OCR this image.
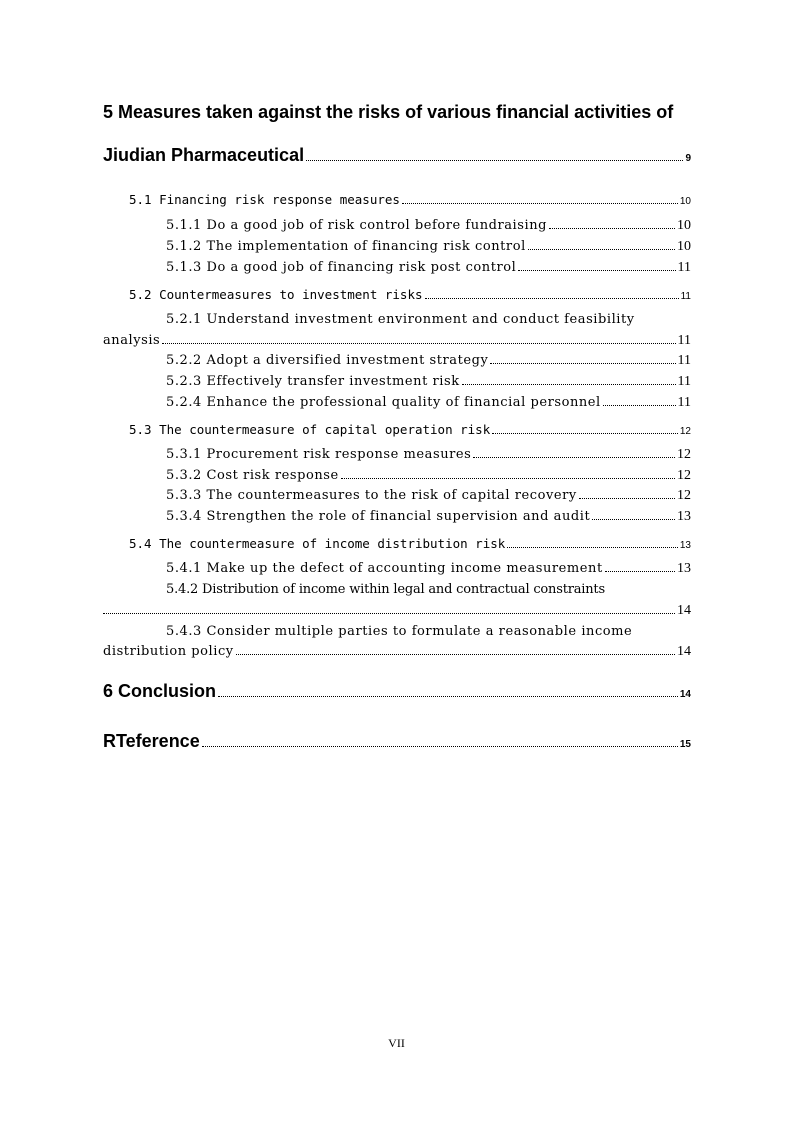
5 Measures taken against the risks of various financial activities of
Jiudian Pharmaceutical	9
5.1 Financing risk response measures	10
5.1.1 Do a good job of risk control before fundraising	10
5.1.2 The implementation of financing risk control	10
5.1.3 Do a good job of financing risk post control	11
5.2 Countermeasures to investment risks	11
5.2.1 Understand investment environment and conduct feasibility
analysis	11
5.2.2 Adopt a diversified investment strategy	11
5.2.3 Effectively transfer investment risk	11
5.2.4 Enhance the professional quality of financial personnel	11
5.3 The countermeasure of capital operation risk	12
5.3.1 Procurement risk response measures	12
5.3.2 Cost risk response	12
5.3.3 The countermeasures to the risk of capital recovery	12
5.3.4 Strengthen the role of financial supervision and audit	13
5.4 The countermeasure of income distribution risk	13
5.4.1 Make up the defect of accounting income measurement	13
5.4.2 Distribution of income within legal and contractual constraints
14
5.4.3 Consider multiple parties to formulate a reasonable income
distribution policy	14
6 Conclusion	14
RTeference	15
VII
